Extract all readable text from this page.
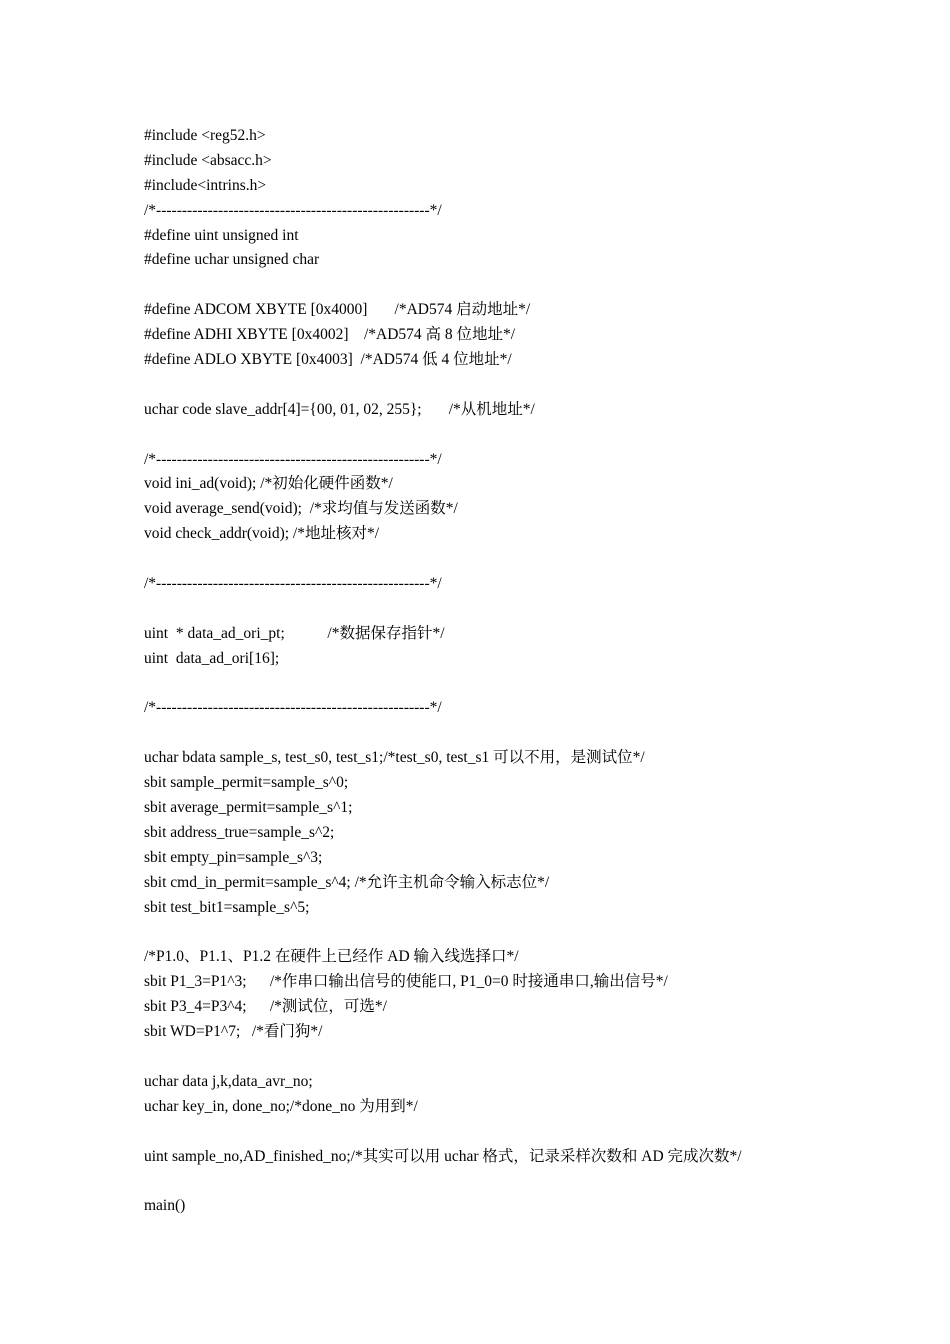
#include <reg52.h>
#include <absacc.h>
#include<intrins.h>
/*-----------------------------------------------------*/
#define uint unsigned int
#define uchar unsigned char
#define ADCOM XBYTE [0x4000]       /*AD574 启动地址*/
#define ADHI XBYTE [0x4002]    /*AD574 高 8 位地址*/
#define ADLO XBYTE [0x4003]  /*AD574 低 4 位地址*/
uchar code slave_addr[4]={00, 01, 02, 255};       /*从机地址*/
/*-----------------------------------------------------*/
void ini_ad(void); /*初始化硬件函数*/
void average_send(void);  /*求均值与发送函数*/
void check_addr(void); /*地址核对*/
/*-----------------------------------------------------*/
uint  * data_ad_ori_pt;           /*数据保存指针*/
uint  data_ad_ori[16];
/*-----------------------------------------------------*/
uchar bdata sample_s, test_s0, test_s1;/*test_s0, test_s1 可以不用，是测试位*/
sbit sample_permit=sample_s^0;
sbit average_permit=sample_s^1;
sbit address_true=sample_s^2;
sbit empty_pin=sample_s^3;
sbit cmd_in_permit=sample_s^4; /*允许主机命令输入标志位*/
sbit test_bit1=sample_s^5;
/*P1.0、P1.1、P1.2 在硬件上已经作 AD 输入线选择口*/
sbit P1_3=P1^3;      /*作串口输出信号的使能口, P1_0=0 时接通串口,输出信号*/
sbit P3_4=P3^4;      /*测试位，可选*/
sbit WD=P1^7;   /*看门狗*/
uchar data j,k,data_avr_no;
uchar key_in, done_no;/*done_no 为用到*/
uint sample_no,AD_finished_no;/*其实可以用 uchar 格式，记录采样次数和 AD 完成次数*/
main()
